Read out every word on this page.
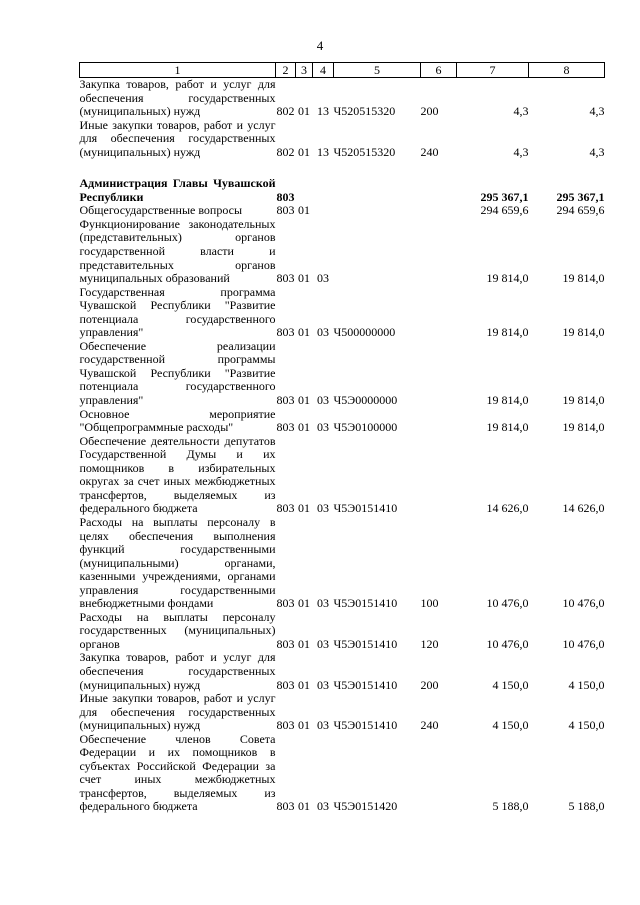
4
1	2	3	4	5	6	7	8
Закупка товаров, работ и услуг для обеспечения государственных (муниципальных) нужд	802	01	13	Ч520515320	200	4,3	4,3
Иные закупки товаров, работ и услуг для обеспечения государственных (муниципальных) нужд	802	01	13	Ч520515320	240	4,3	4,3

Администрация Главы Чувашской Республики	803					295 367,1	295 367,1
Общегосударственные вопросы	803	01				294 659,6	294 659,6
Функционирование законодательных (представительных) органов государственной власти и представительных органов муниципальных образований	803	01	03			19 814,0	19 814,0
Государственная программа Чувашской Республики "Развитие потенциала государственного управления"	803	01	03	Ч500000000		19 814,0	19 814,0
Обеспечение реализации государственной программы Чувашской Республики "Развитие потенциала государственного управления"	803	01	03	Ч5Э0000000		19 814,0	19 814,0
Основное мероприятие "Общепрограммные расходы"	803	01	03	Ч5Э0100000		19 814,0	19 814,0
Обеспечение деятельности депутатов Государственной Думы и их помощников в избирательных округах за счет иных межбюджетных трансфертов, выделяемых из федерального бюджета	803	01	03	Ч5Э0151410		14 626,0	14 626,0
Расходы на выплаты персоналу в целях обеспечения выполнения функций государственными (муниципальными) органами, казенными учреждениями, органами управления государственными внебюджетными фондами	803	01	03	Ч5Э0151410	100	10 476,0	10 476,0
Расходы на выплаты персоналу государственных (муниципальных) органов	803	01	03	Ч5Э0151410	120	10 476,0	10 476,0
Закупка товаров, работ и услуг для обеспечения государственных (муниципальных) нужд	803	01	03	Ч5Э0151410	200	4 150,0	4 150,0
Иные закупки товаров, работ и услуг для обеспечения государственных (муниципальных) нужд	803	01	03	Ч5Э0151410	240	4 150,0	4 150,0
Обеспечение членов Совета Федерации и их помощников в субъектах Российской Федерации за счет иных межбюджетных трансфертов, выделяемых из федерального бюджета	803	01	03	Ч5Э0151420		5 188,0	5 188,0
